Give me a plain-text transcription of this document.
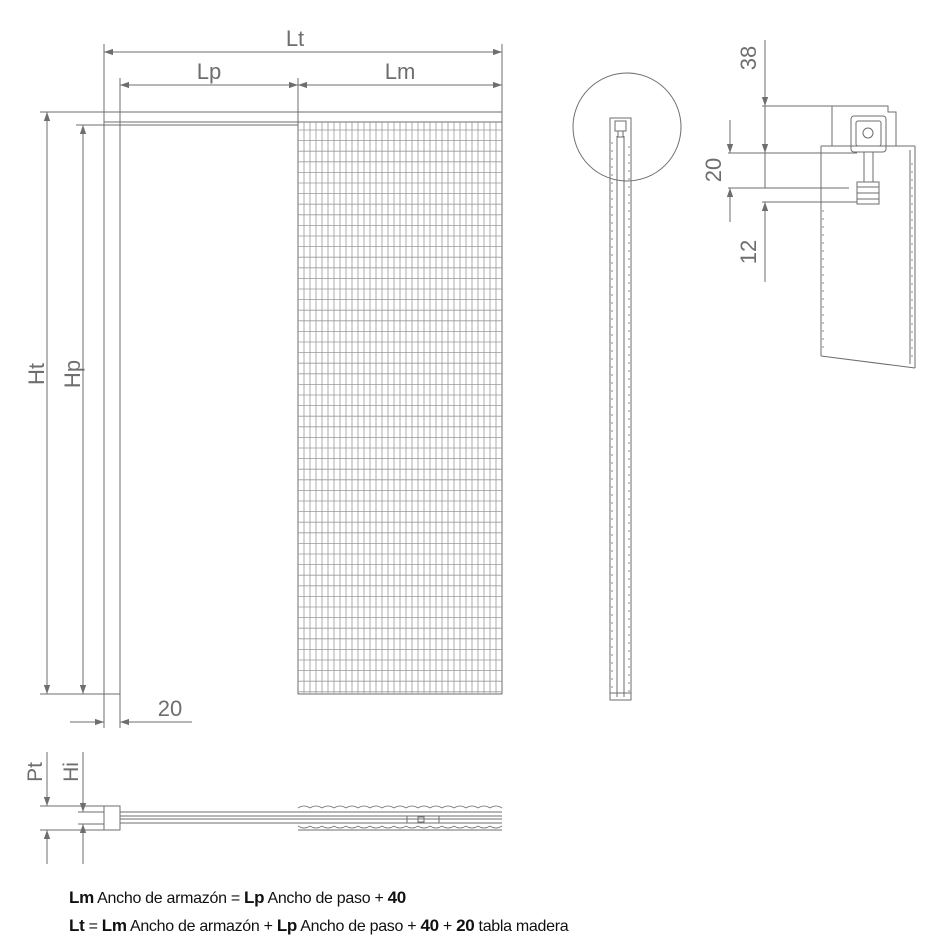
Lt
Lp	Lm
Ht Hp
20
Pt Hi
38
20
12
Lm Ancho de armazón = Lp Ancho de paso + 40
Lt = Lm Ancho de armazón + Lp Ancho de paso + 40 + 20 tabla madera
